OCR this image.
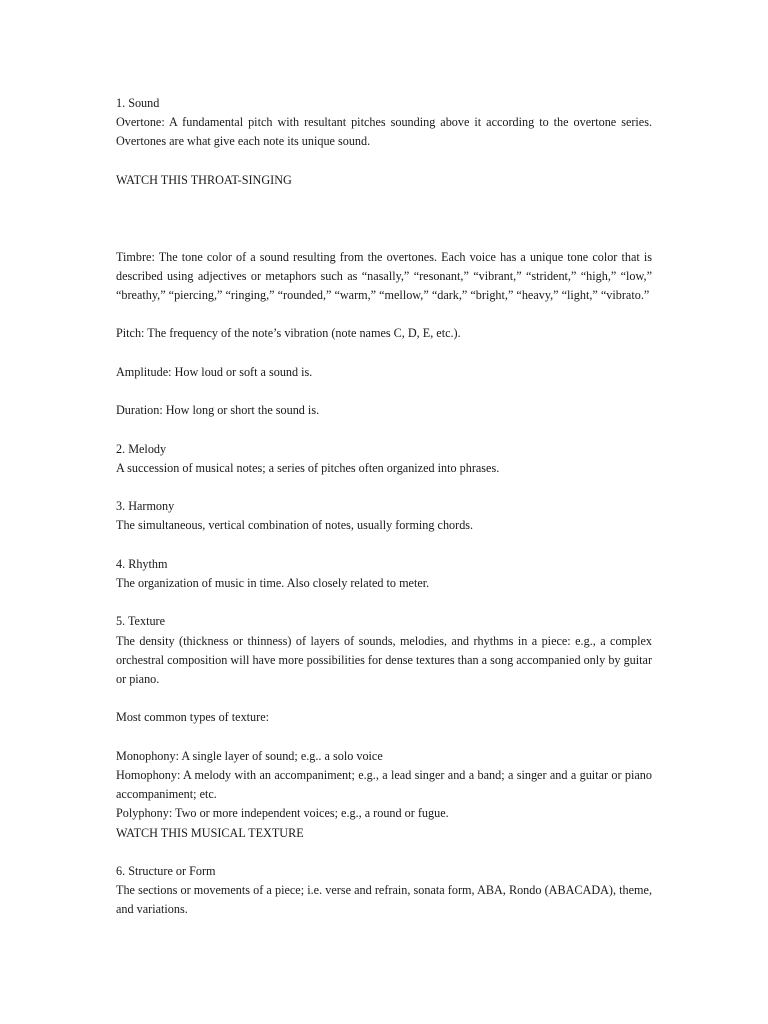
1. Sound

Overtone: A fundamental pitch with resultant pitches sounding above it according to the overtone series. Overtones are what give each note its unique sound.

WATCH THIS THROAT-SINGING

Timbre: The tone color of a sound resulting from the overtones. Each voice has a unique tone color that is described using adjectives or metaphors such as “nasally,” “resonant,” “vibrant,” “strident,” “high,” “low,” “breathy,” “piercing,” “ringing,” “rounded,” “warm,” “mellow,” “dark,” “bright,” “heavy,” “light,” “vibrato.”

Pitch: The frequency of the note’s vibration (note names C, D, E, etc.).

Amplitude: How loud or soft a sound is.

Duration: How long or short the sound is.

2. Melody

A succession of musical notes; a series of pitches often organized into phrases.

3. Harmony

The simultaneous, vertical combination of notes, usually forming chords.

4. Rhythm

The organization of music in time. Also closely related to meter.

5. Texture

The density (thickness or thinness) of layers of sounds, melodies, and rhythms in a piece: e.g., a complex orchestral composition will have more possibilities for dense textures than a song accompanied only by guitar or piano.

Most common types of texture:

Monophony: A single layer of sound; e.g.. a solo voice

Homophony: A melody with an accompaniment; e.g., a lead singer and a band; a singer and a guitar or piano accompaniment; etc.

Polyphony: Two or more independent voices; e.g., a round or fugue.

WATCH THIS MUSICAL TEXTURE

6. Structure or Form

The sections or movements of a piece; i.e. verse and refrain, sonata form, ABA, Rondo (ABACADA), theme, and variations.
